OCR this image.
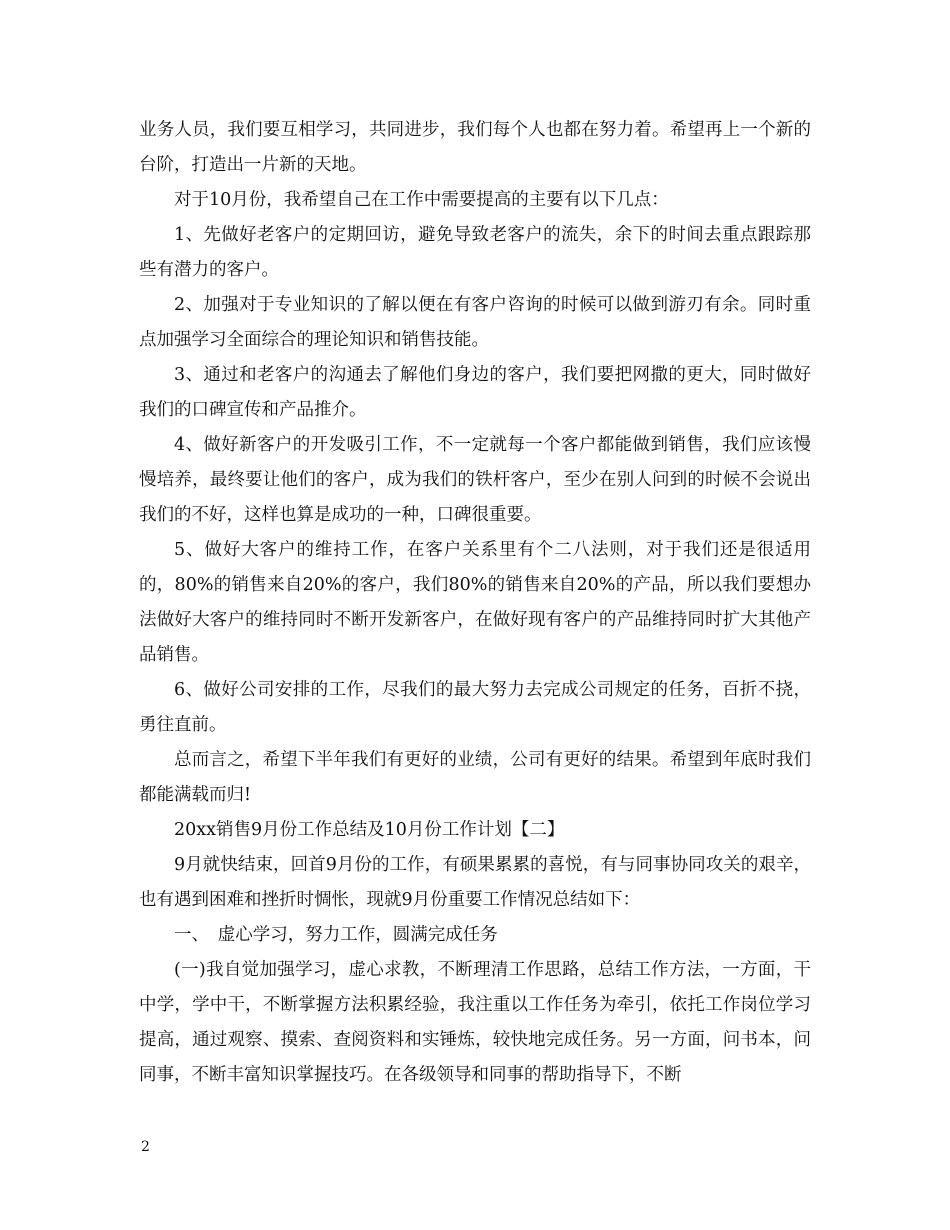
业务人员，我们要互相学习，共同进步，我们每个人也都在努力着。希望再上一个新的台阶，打造出一片新的天地。

对于10月份，我希望自己在工作中需要提高的主要有以下几点：

1、先做好老客户的定期回访，避免导致老客户的流失，余下的时间去重点跟踪那些有潜力的客户。

2、加强对于专业知识的了解以便在有客户咨询的时候可以做到游刃有余。同时重点加强学习全面综合的理论知识和销售技能。

3、通过和老客户的沟通去了解他们身边的客户，我们要把网撒的更大，同时做好我们的口碑宣传和产品推介。

4、做好新客户的开发吸引工作，不一定就每一个客户都能做到销售，我们应该慢慢培养，最终要让他们的客户，成为我们的铁杆客户，至少在别人问到的时候不会说出我们的不好，这样也算是成功的一种，口碑很重要。

5、做好大客户的维持工作，在客户关系里有个二八法则，对于我们还是很适用的，80%的销售来自20%的客户，我们80%的销售来自20%的产品，所以我们要想办法做好大客户的维持同时不断开发新客户，在做好现有客户的产品维持同时扩大其他产品销售。

6、做好公司安排的工作，尽我们的最大努力去完成公司规定的任务，百折不挠，勇往直前。

总而言之，希望下半年我们有更好的业绩，公司有更好的结果。希望到年底时我们都能满载而归!

20xx销售9月份工作总结及10月份工作计划【二】

9月就快结束，回首9月份的工作，有硕果累累的喜悦，有与同事协同攻关的艰辛，也有遇到困难和挫折时惆怅，现就9月份重要工作情况总结如下：

一、　虚心学习，努力工作，圆满完成任务

(一)我自觉加强学习，虚心求教，不断理清工作思路，总结工作方法，一方面，干中学，学中干，不断掌握方法积累经验，我注重以工作任务为牵引，依托工作岗位学习提高，通过观察、摸索、查阅资料和实锤炼，较快地完成任务。另一方面，问书本，问同事，不断丰富知识掌握技巧。在各级领导和同事的帮助指导下，不断

2
